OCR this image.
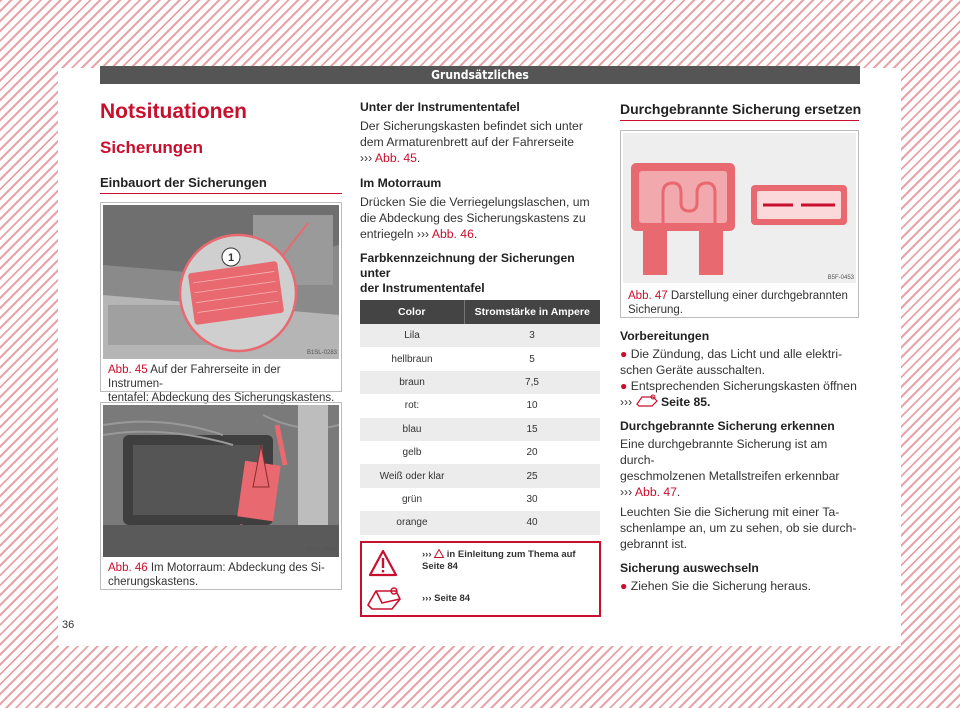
Grundsätzliches
Notsituationen
Sicherungen
Einbauort der Sicherungen
1
B1SL-0283
Abb. 45 Auf der Fahrerseite in der Instrumen-
tentafel: Abdeckung des Sicherungskastens.
B1SL-0284
Abb. 46 Im Motorraum: Abdeckung des Si-
cherungskastens.
Unter der Instrumententafel
Der Sicherungskasten befindet sich unter
dem Armaturenbrett auf der Fahrerseite
››› Abb. 45.
Im Motorraum
Drücken Sie die Verriegelungslaschen, um
die Abdeckung des Sicherungskastens zu
entriegeln ››› Abb. 46.
Farbkennzeichnung der Sicherungen unter
der Instrumententafel
Color	Stromstärke in Ampere
Lila	3
hellbraun	5
braun	7,5
rot:	10
blau	15
gelb	20
Weiß oder klar	25
grün	30
orange	40
››› in Einleitung zum Thema auf
Seite 84
››› Seite 84
Durchgebrannte Sicherung ersetzen
B5F-0453
Abb. 47 Darstellung einer durchgebrannten
Sicherung.
Vorbereitungen
● Die Zündung, das Licht und alle elektri-
schen Geräte ausschalten.
● Entsprechenden Sicherungskasten öffnen
››› Seite 85.
Durchgebrannte Sicherung erkennen
Eine durchgebrannte Sicherung ist am durch-
geschmolzenen Metallstreifen erkennbar
››› Abb. 47.
Leuchten Sie die Sicherung mit einer Ta-
schenlampe an, um zu sehen, ob sie durch-
gebrannt ist.
Sicherung auswechseln
● Ziehen Sie die Sicherung heraus.
36
